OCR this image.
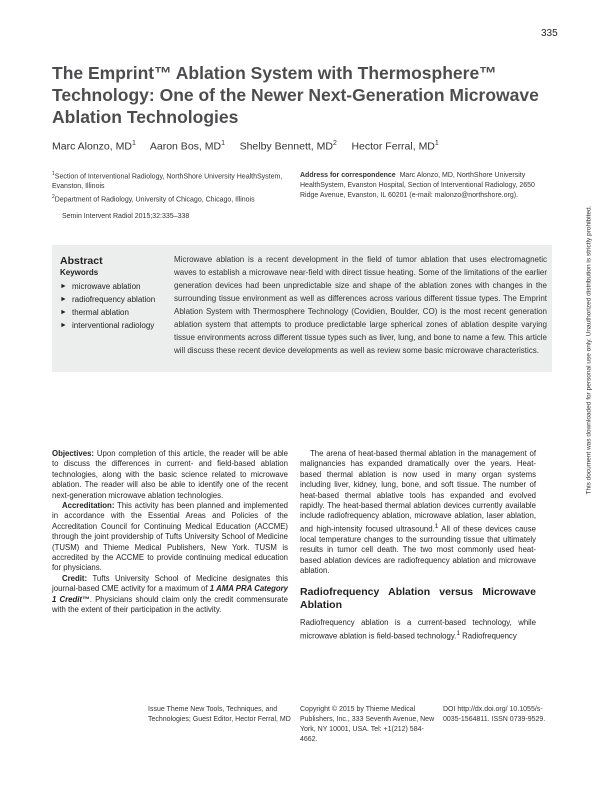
335
The Emprint™ Ablation System with Thermosphere™ Technology: One of the Newer Next-Generation Microwave Ablation Technologies
Marc Alonzo, $MD^1$ Aaron Bos, $MD^1$ Shelby Bennett, $MD^2$ Hector Ferral, $MD^1$
$^1$Section of Interventional Radiology, NorthShore University HealthSystem, Evanston, Illinois
$^2$Department of Radiology, University of Chicago, Chicago, Illinois
Address for correspondence Marc Alonzo, MD, NorthShore University HealthSystem, Evanston Hospital, Section of Interventional Radiology, 2650 Ridge Avenue, Evanston, IL 60201 (e-mail: malonzo@northshore.org).
Semin Intervent Radiol 2015;32:335–338
Abstract
Keywords
► microwave ablation
► radiofrequency ablation
► thermal ablation
► interventional radiology

Microwave ablation is a recent development in the field of tumor ablation that uses electromagnetic waves to establish a microwave near-field with direct tissue heating. Some of the limitations of the earlier generation devices had been unpredictable size and shape of the ablation zones with changes in the surrounding tissue environment as well as differences across various different tissue types. The Emprint Ablation System with Thermosphere Technology (Covidien, Boulder, CO) is the most recent generation ablation system that attempts to produce predictable large spherical zones of ablation despite varying tissue environments across different tissue types such as liver, lung, and bone to name a few. This article will discuss these recent device developments as well as review some basic microwave characteristics.

Objectives: Upon completion of this article, the reader will be able to discuss the differences in current- and field-based ablation technologies, along with the basic science related to microwave ablation. The reader will also be able to identify one of the recent next-generation microwave ablation technologies.

Accreditation: This activity has been planned and implemented in accordance with the Essential Areas and Policies of the Accreditation Council for Continuing Medical Education (ACCME) through the joint providership of Tufts University School of Medicine (TUSM) and Thieme Medical Publishers, New York. TUSM is accredited by the ACCME to provide continuing medical education for physicians.

Credit: Tufts University School of Medicine designates this journal-based CME activity for a maximum of 1 AMA PRA Category 1 Credit™. Physicians should claim only the credit commensurate with the extent of their participation in the activity.

The arena of heat-based thermal ablation in the management of malignancies has expanded dramatically over the years. Heat-based thermal ablation is now used in many organ systems including liver, kidney, lung, bone, and soft tissue. The number of heat-based thermal ablative tools has expanded and evolved rapidly. The heat-based thermal ablation devices currently available include radiofrequency ablation, microwave ablation, laser ablation, and high-intensity focused ultrasound.$^1$ All of these devices cause local temperature changes to the surrounding tissue that ultimately results in tumor cell death. The two most commonly used heat-based ablation devices are radiofrequency ablation and microwave ablation.

Radiofrequency Ablation versus Microwave Ablation

Radiofrequency ablation is a current-based technology, while microwave ablation is field-based technology.$^1$ Radiofrequency

Issue Theme New Tools, Techniques, and Technologies; Guest Editor, Hector Ferral, MD
Copyright © 2015 by Thieme Medical Publishers, Inc., 333 Seventh Avenue, New York, NY 10001, USA. Tel: +1(212) 584-4662.
DOI http://dx.doi.org/ 10.1055/s-0035-1564811. ISSN 0739-9529.
This document was downloaded for personal use only. Unauthorized distribution is strictly prohibited.
